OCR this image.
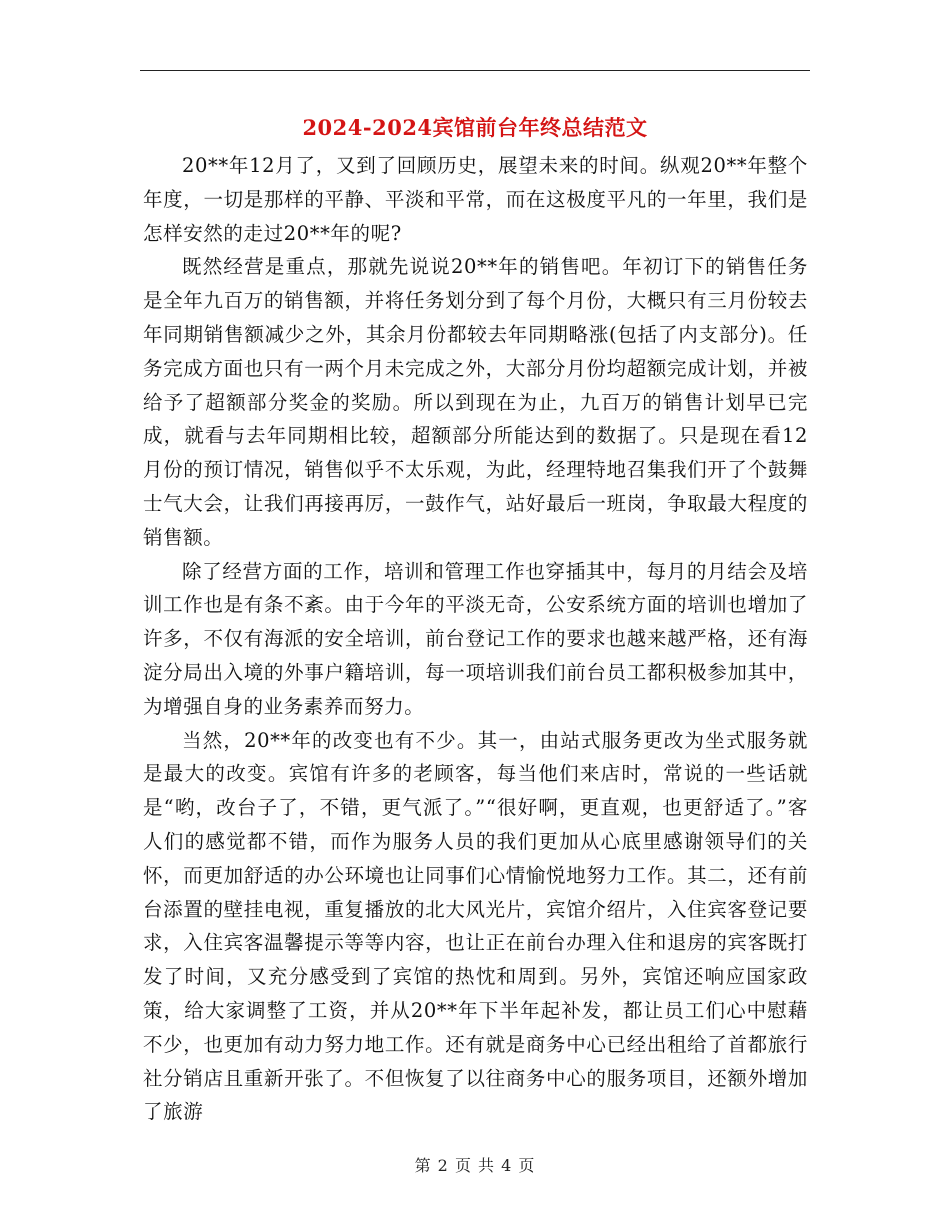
2024-2024宾馆前台年终总结范文

20**年12月了，又到了回顾历史，展望未来的时间。纵观20**年整个年度，一切是那样的平静、平淡和平常，而在这极度平凡的一年里，我们是怎样安然的走过20**年的呢?

既然经营是重点，那就先说说20**年的销售吧。年初订下的销售任务是全年九百万的销售额，并将任务划分到了每个月份，大概只有三月份较去年同期销售额减少之外，其余月份都较去年同期略涨(包括了内支部分)。任务完成方面也只有一两个月未完成之外，大部分月份均超额完成计划，并被给予了超额部分奖金的奖励。所以到现在为止，九百万的销售计划早已完成，就看与去年同期相比较，超额部分所能达到的数据了。只是现在看12月份的预订情况，销售似乎不太乐观，为此，经理特地召集我们开了个鼓舞士气大会，让我们再接再厉，一鼓作气，站好最后一班岗，争取最大程度的销售额。

除了经营方面的工作，培训和管理工作也穿插其中，每月的月结会及培训工作也是有条不紊。由于今年的平淡无奇，公安系统方面的培训也增加了许多，不仅有海派的安全培训，前台登记工作的要求也越来越严格，还有海淀分局出入境的外事户籍培训，每一项培训我们前台员工都积极参加其中，为增强自身的业务素养而努力。

当然，20**年的改变也有不少。其一，由站式服务更改为坐式服务就是最大的改变。宾馆有许多的老顾客，每当他们来店时，常说的一些话就是“哟，改台子了，不错，更气派了。”“很好啊，更直观，也更舒适了。”客人们的感觉都不错，而作为服务人员的我们更加从心底里感谢领导们的关怀，而更加舒适的办公环境也让同事们心情愉悦地努力工作。其二，还有前台添置的壁挂电视，重复播放的北大风光片，宾馆介绍片，入住宾客登记要求，入住宾客温馨提示等等内容，也让正在前台办理入住和退房的宾客既打发了时间，又充分感受到了宾馆的热忱和周到。另外，宾馆还响应国家政策，给大家调整了工资，并从20**年下半年起补发，都让员工们心中慰藉不少，也更加有动力努力地工作。还有就是商务中心已经出租给了首都旅行社分销店且重新开张了。不但恢复了以往商务中心的服务项目，还额外增加了旅游

第 2 页 共 4 页
